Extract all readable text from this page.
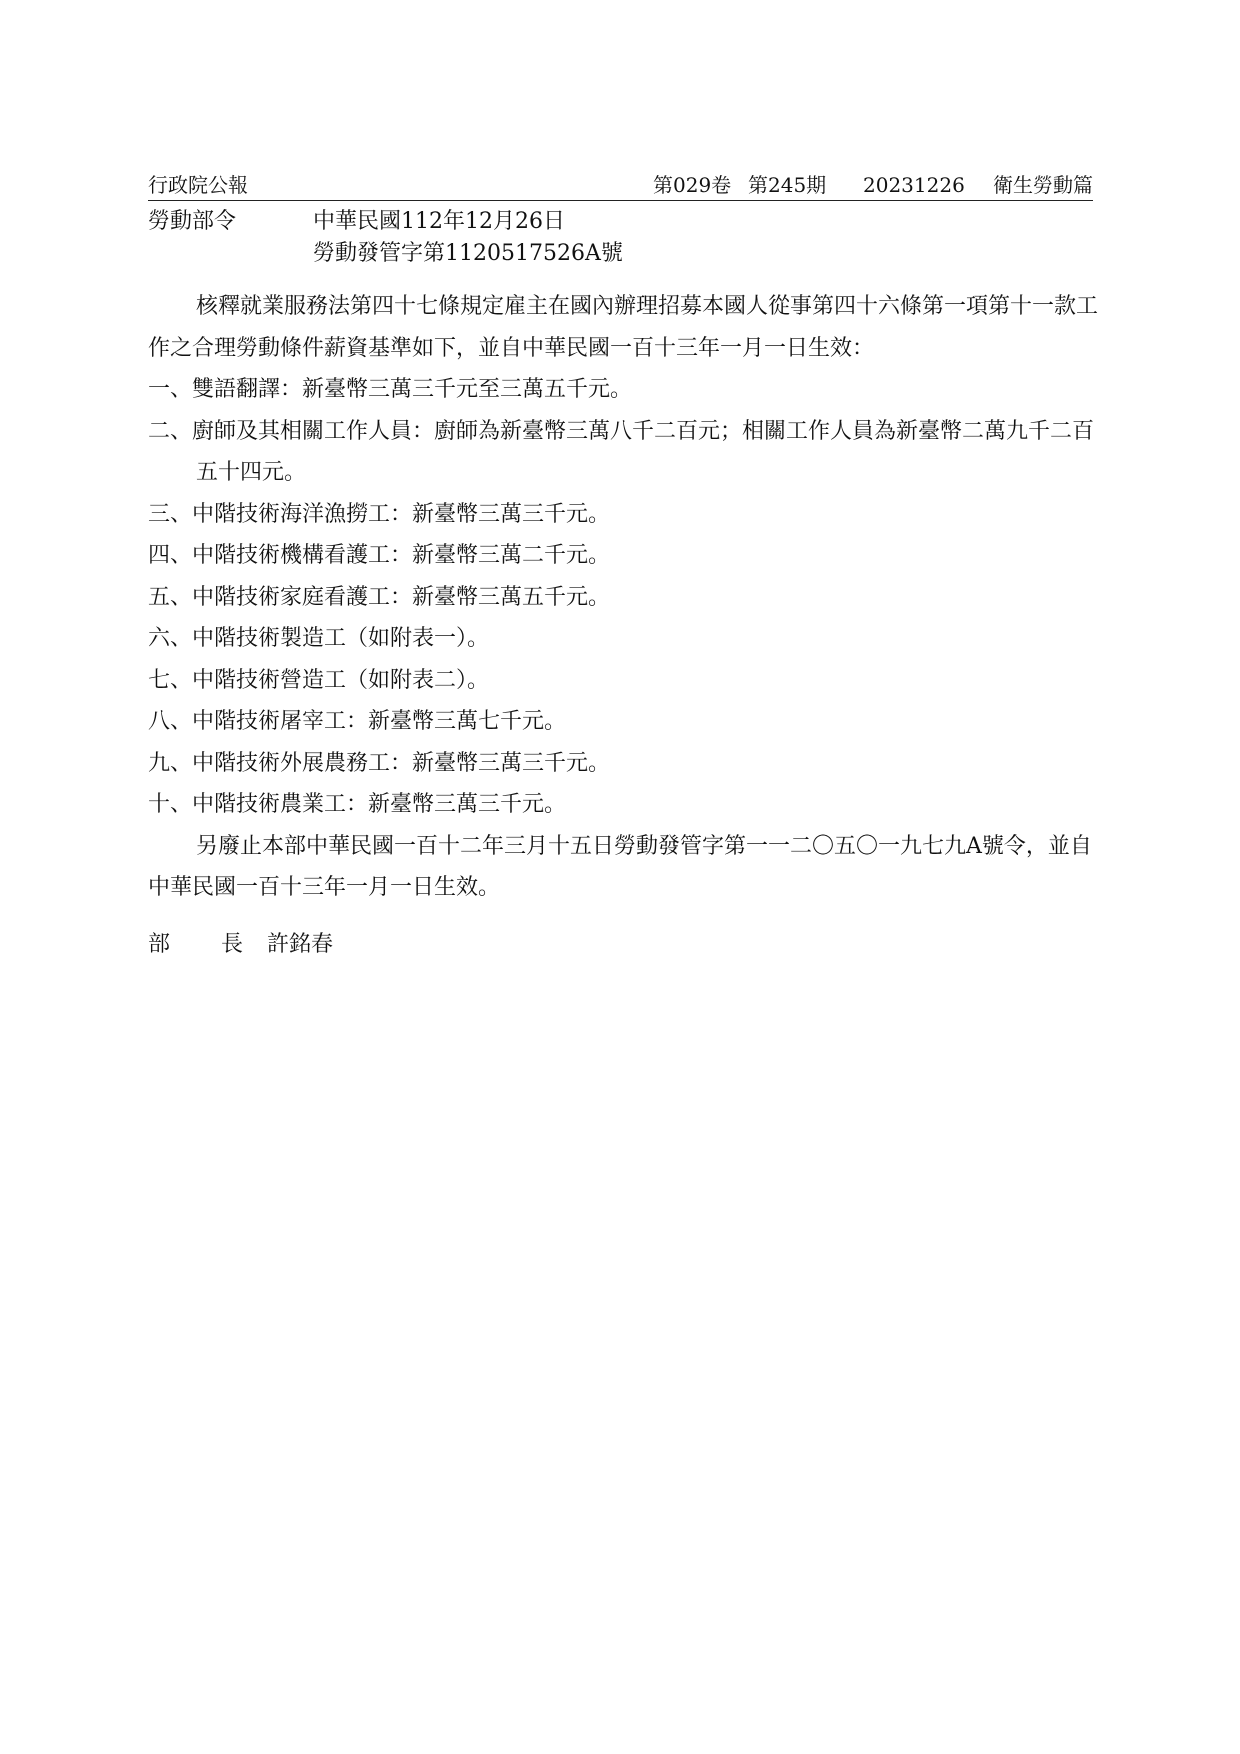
行政院公報	第029卷 第245期 20231226 衛生勞動篇
勞動部令	中華民國112年12月26日
勞動發管字第1120517526A號

核釋就業服務法第四十七條規定雇主在國內辦理招募本國人從事第四十六條第一項第十一款工作之合理勞動條件薪資基準如下，並自中華民國一百十三年一月一日生效：

一、雙語翻譯：新臺幣三萬三千元至三萬五千元。

二、廚師及其相關工作人員：廚師為新臺幣三萬八千二百元；相關工作人員為新臺幣二萬九千二百五十四元。

三、中階技術海洋漁撈工：新臺幣三萬三千元。

四、中階技術機構看護工：新臺幣三萬二千元。

五、中階技術家庭看護工：新臺幣三萬五千元。

六、中階技術製造工（如附表一）。

七、中階技術營造工（如附表二）。

八、中階技術屠宰工：新臺幣三萬七千元。

九、中階技術外展農務工：新臺幣三萬三千元。

十、中階技術農業工：新臺幣三萬三千元。

另廢止本部中華民國一百十二年三月十五日勞動發管字第一一二〇五〇一九七九A號令，並自中華民國一百十三年一月一日生效。

部 長 許銘春
